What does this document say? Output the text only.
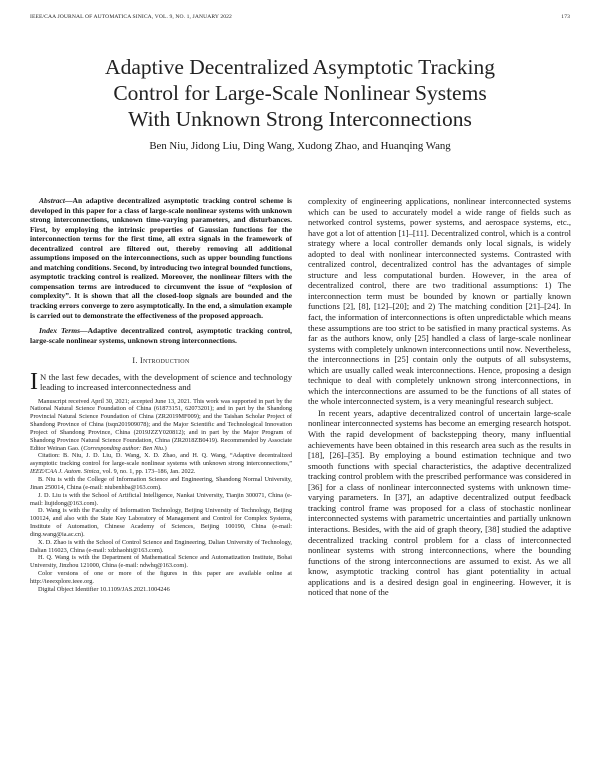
IEEE/CAA JOURNAL OF AUTOMATICA SINICA, VOL. 9, NO. 1, JANUARY 2022	173
Adaptive Decentralized Asymptotic Tracking
Control for Large-Scale Nonlinear Systems
With Unknown Strong Interconnections
Ben Niu, Jidong Liu, Ding Wang, Xudong Zhao, and Huanqing Wang

Abstract—An adaptive decentralized asymptotic tracking control scheme is developed in this paper for a class of large-scale nonlinear systems with unknown strong interconnections, unknown time-varying parameters, and disturbances. First, by employing the intrinsic properties of Gaussian functions for the interconnection terms for the first time, all extra signals in the framework of decentralized control are filtered out, thereby removing all additional assumptions imposed on the interconnections, such as upper bounding functions and matching conditions. Second, by introducing two integral bounded functions, asymptotic tracking control is realized. Moreover, the nonlinear filters with the compensation terms are introduced to circumvent the issue of “explosion of complexity”. It is shown that all the closed-loop signals are bounded and the tracking errors converge to zero asymptotically. In the end, a simulation example is carried out to demonstrate the effectiveness of the proposed approach.

Index Terms—Adaptive decentralized control, asymptotic tracking control, large-scale nonlinear systems, unknown strong interconnections.

I. Introduction

I N the last few decades, with the development of science and technology leading to increased interconnectedness and

Manuscript received April 30, 2021; accepted June 13, 2021. This work was supported in part by the National Natural Science Foundation of China (61873151, 62073201); and in part by the Shandong Provincial Natural Science Foundation of China (ZR2019MF009); and the Taishan Scholar Project of Shandong Province of China (tsqn201909078); and the Major Scientific and Technological Innovation Project of Shandong Province, China (2019JZZY020812); and in part by the Major Program of Shandong Province Natural Science Foundation, China (ZR2018ZB0419). Recommended by Associate Editor Weinan Gao. (Corresponding author: Ben Niu.)

Citation: B. Niu, J. D. Liu, D. Wang, X. D. Zhao, and H. Q. Wang, “Adaptive decentralized asymptotic tracking control for large-scale nonlinear systems with unknown strong interconnections,” IEEE/CAA J. Autom. Sinica, vol. 9, no. 1, pp. 173–186, Jan. 2022.

B. Niu is with the College of Information Science and Engineering, Shandong Normal University, Jinan 250014, China (e-mail: niubenhba@163.com).

J. D. Liu is with the School of Artificial Intelligence, Nankai University, Tianjin 300071, China (e-mail: liujidong@163.com).

D. Wang is with the Faculty of Information Technology, Beijing University of Technology, Beijing 100124, and also with the State Key Laboratory of Management and Control for Complex Systems, Institute of Automation, Chinese Academy of Sciences, Beijing 100190, China (e-mail: ding.wang@ia.ac.cn).

X. D. Zhao is with the School of Control Science and Engineering, Dalian University of Technology, Dalian 116023, China (e-mail: xdzhaohit@163.com).

H. Q. Wang is with the Department of Mathematical Science and Automatization Institute, Bohai University, Jinzhou 121000, China (e-mail: ndwhq@163.com).

Color versions of one or more of the figures in this paper are available online at http://ieeexplore.ieee.org.

Digital Object Identifier 10.1109/JAS.2021.1004246

complexity of engineering applications, nonlinear interconnected systems which can be used to accurately model a wide range of fields such as networked control systems, power systems, and aerospace systems, etc., have got a lot of attention [1]–[11]. Decentralized control, which is a control strategy where a local controller demands only local signals, is widely adopted to deal with nonlinear interconnected systems. Contrasted with centralized control, decentralized control has the advantages of simple structure and less computational burden. However, in the area of decentralized control, there are two traditional assumptions: 1) The interconnection term must be bounded by known or partially known functions [2], [8], [12]–[20]; and 2) The matching condition [21]–[24]. In fact, the information of interconnections is often unpredictable which means these assumptions are too strict to be satisfied in many practical systems. As far as the authors know, only [25] handled a class of large-scale nonlinear systems with completely unknown interconnections until now. Nevertheless, the interconnections in [25] contain only the outputs of all subsystems, which are usually called weak interconnections. Hence, proposing a design technique to deal with completely unknown strong interconnections, in which the interconnections are assumed to be the functions of all states of the whole interconnected system, is a very meaningful research subject.

In recent years, adaptive decentralized control of uncertain large-scale nonlinear interconnected systems has become an emerging research hotspot. With the rapid development of backstepping theory, many influential achievements have been obtained in this research area such as the results in [18], [26]–[35]. By employing a bound estimation technique and two smooth functions with special characteristics, the adaptive decentralized tracking control problem with the prescribed performance was considered in [36] for a class of nonlinear interconnected systems with unknown time-varying parameters. In [37], an adaptive decentralized output feedback tracking control frame was proposed for a class of stochastic nonlinear interconnected systems with parametric uncertainties and partially unknown interactions. Besides, with the aid of graph theory, [38] studied the adaptive decentralized tracking control problem for a class of interconnected nonlinear systems with strong interconnections, where the bounding functions of the strong interconnections are assumed to exist. As we all know, asymptotic tracking control has giant potentiality in actual applications and is a desired design goal in engineering. However, it is noticed that none of the
